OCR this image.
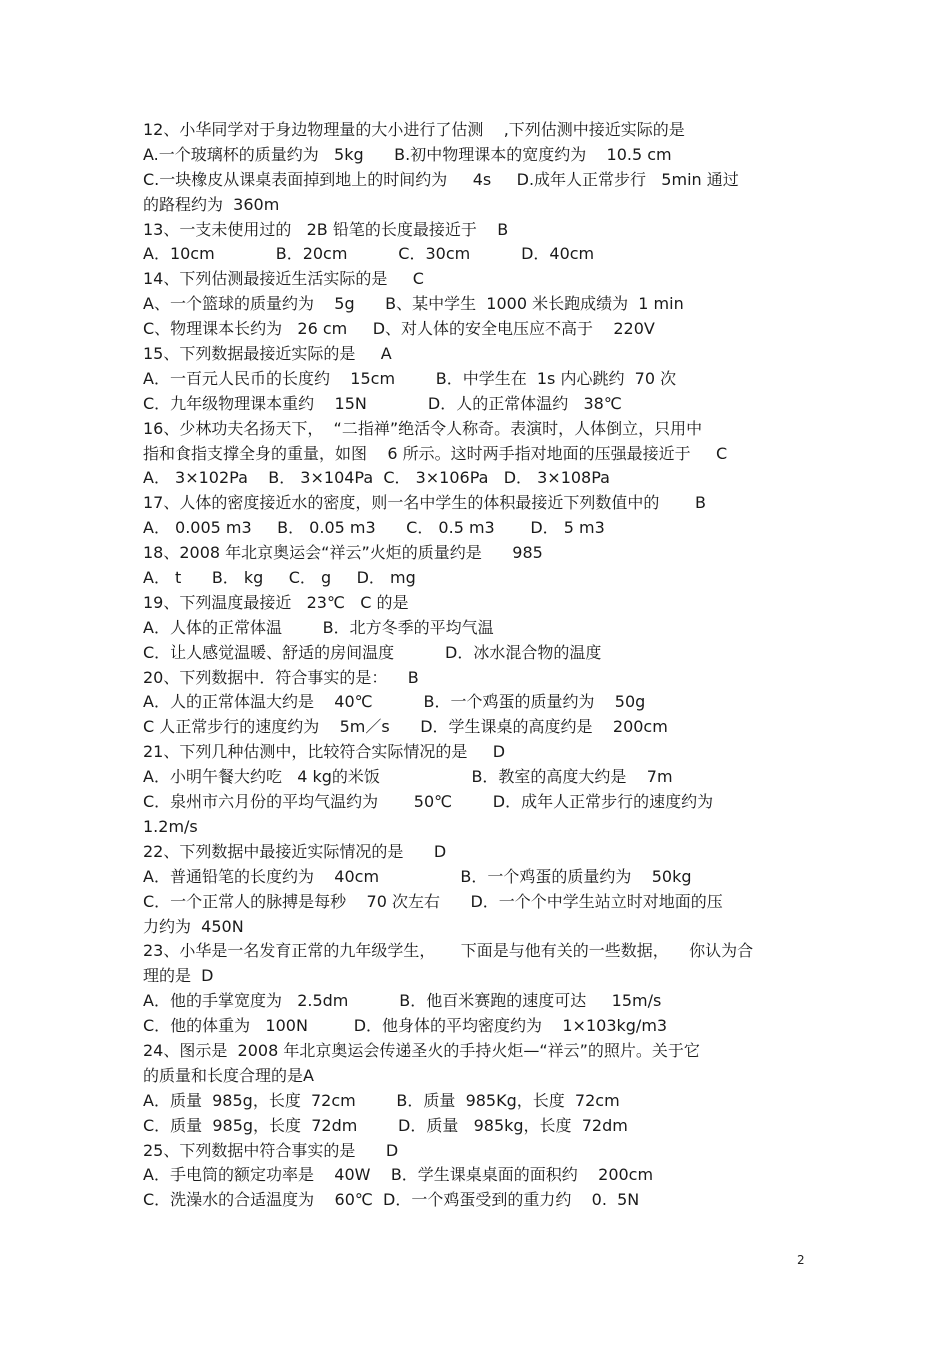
12、小华同学对于身边物理量的大小进行了估测    ,下列估测中接近实际的是
A.一个玻璃杯的质量约为   5kg      B.初中物理课本的宽度约为    10.5 cm
C.一块橡皮从课桌表面掉到地上的时间约为     4s     D.成年人正常步行   5min 通过
的路程约为  360m
13、一支未使用过的   2B 铅笔的长度最接近于    B
A．10cm            B．20cm          C．30cm          D．40cm
14、下列估测最接近生活实际的是     C
A、一个篮球的质量约为    5g      B、某中学生  1000 米长跑成绩为  1 min
C、物理课本长约为   26 cm     D、对人体的安全电压应不高于    220V
15、下列数据最接近实际的是     A
A．一百元人民币的长度约    15cm        B．中学生在  1s 内心跳约  70 次
C．九年级物理课本重约    15N            D．人的正常体温约   38℃
16、少林功夫名扬天下，  “二指禅”绝活令人称奇。表演时，人体倒立，只用中
指和食指支撑全身的重量，如图    6 所示。这时两手指对地面的压强最接近于     C
A． 3×102Pa    B． 3×104Pa  C． 3×106Pa   D． 3×108Pa
17、人体的密度接近水的密度，则一名中学生的体积最接近下列数值中的       B
A． 0.005 m3     B． 0.05 m3      C． 0.5 m3       D． 5 m3
18、2008 年北京奥运会“祥云”火炬的质量约是      985
A． t      B． kg     C． g     D． mg
19、下列温度最接近   23℃   C 的是
A．人体的正常体温        B．北方冬季的平均气温
C．让人感觉温暖、舒适的房间温度          D．冰水混合物的温度
20、下列数据中．符合事实的是：    B
A．人的正常体温大约是    40℃          B．一个鸡蛋的质量约为    50g
C 人正常步行的速度约为    5m／s      D．学生课桌的高度约是    200cm
21、下列几种估测中，比较符合实际情况的是     D
A．小明午餐大约吃   4 kg的米饭                  B．教室的高度大约是    7m
C．泉州市六月份的平均气温约为       50℃        D．成年人正常步行的速度约为
1.2m/s
22、下列数据中最接近实际情况的是      D
A．普通铅笔的长度约为    40cm                B．一个鸡蛋的质量约为    50kg
C．一个正常人的脉搏是每秒    70 次左右      D．一个个中学生站立时对地面的压
力约为  450N
23、小华是一名发育正常的九年级学生，     下面是与他有关的一些数据，    你认为合
理的是  D
A．他的手掌宽度为   2.5dm          B．他百米赛跑的速度可达     15m/s
C．他的体重为   100N         D．他身体的平均密度约为    1×103kg/m3
24、图示是  2008 年北京奥运会传递圣火的手持火炬—“祥云”的照片。关于它
的质量和长度合理的是A
A．质量  985g，长度  72cm        B．质量  985Kg，长度  72cm
C．质量  985g，长度  72dm        D．质量   985kg，长度  72dm
25、下列数据中符合事实的是      D
A．手电筒的额定功率是    40W    B．学生课桌桌面的面积约    200cm
C．洗澡水的合适温度为    60℃  D．一个鸡蛋受到的重力约    0.  5N
2
